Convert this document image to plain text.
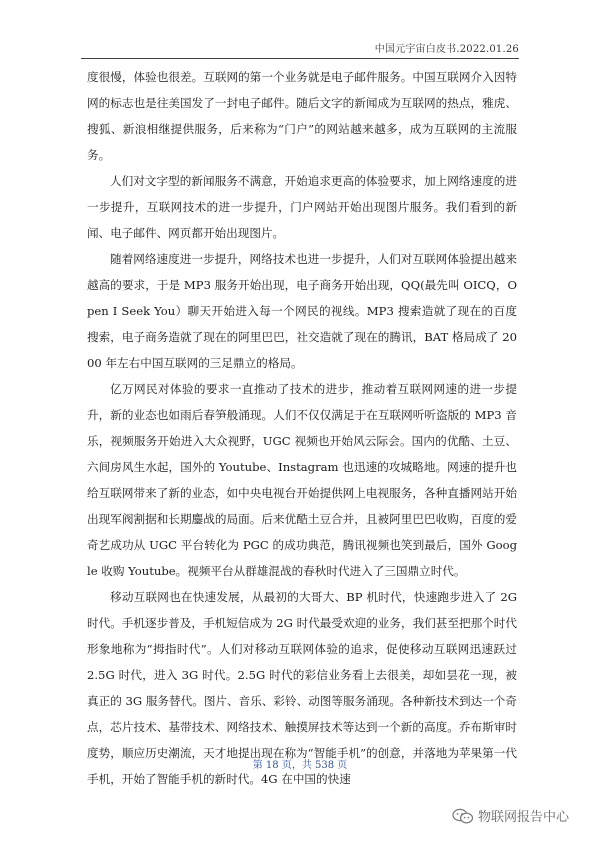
中国元宇宙白皮书.2022.01.26

度很慢，体验也很差。互联网的第一个业务就是电子邮件服务。中国互联网介入因特网的标志也是往美国发了一封电子邮件。随后文字的新闻成为互联网的热点，雅虎、搜狐、新浪相继提供服务，后来称为“门户”的网站越来越多，成为互联网的主流服务。

人们对文字型的新闻服务不满意，开始追求更高的体验要求，加上网络速度的进一步提升，互联网技术的进一步提升，门户网站开始出现图片服务。我们看到的新闻、电子邮件、网页都开始出现图片。

随着网络速度进一步提升，网络技术也进一步提升，人们对互联网体验提出越来越高的要求，于是 MP3 服务开始出现，电子商务开始出现，QQ(最先叫 OICQ，Open I Seek You）聊天开始进入每一个网民的视线。MP3 搜索造就了现在的百度搜索，电子商务造就了现在的阿里巴巴，社交造就了现在的腾讯，BAT 格局成了 2000 年左右中国互联网的三足鼎立的格局。

亿万网民对体验的要求一直推动了技术的进步，推动着互联网网速的进一步提升，新的业态也如雨后春笋般涌现。人们不仅仅满足于在互联网听听盗版的 MP3 音乐，视频服务开始进入大众视野，UGC 视频也开始风云际会。国内的优酷、土豆、六间房风生水起，国外的 Youtube、Instagram 也迅速的攻城略地。网速的提升也给互联网带来了新的业态，如中央电视台开始提供网上电视服务，各种直播网站开始出现军阀割据和长期鏖战的局面。后来优酷土豆合并，且被阿里巴巴收购，百度的爱奇艺成功从 UGC 平台转化为 PGC 的成功典范，腾讯视频也笑到最后，国外 Google 收购 Youtube。视频平台从群雄混战的春秋时代进入了三国鼎立时代。

移动互联网也在快速发展，从最初的大哥大、BP 机时代，快速跑步进入了 2G 时代。手机逐步普及，手机短信成为 2G 时代最受欢迎的业务，我们甚至把那个时代形象地称为“拇指时代”。人们对移动互联网体验的追求，促使移动互联网迅速跃过 2.5G 时代，进入 3G 时代。2.5G 时代的彩信业务看上去很美，却如昙花一现，被真正的 3G 服务替代。图片、音乐、彩铃、动图等服务涌现。各种新技术到达一个奇点，芯片技术、基带技术、网络技术、触摸屏技术等达到一个新的高度。乔布斯审时度势，顺应历史潮流，天才地提出现在称为“智能手机”的创意，并落地为苹果第一代手机，开始了智能手机的新时代。4G 在中国的快速

第 18 页，共 538 页
物联网报告中心
